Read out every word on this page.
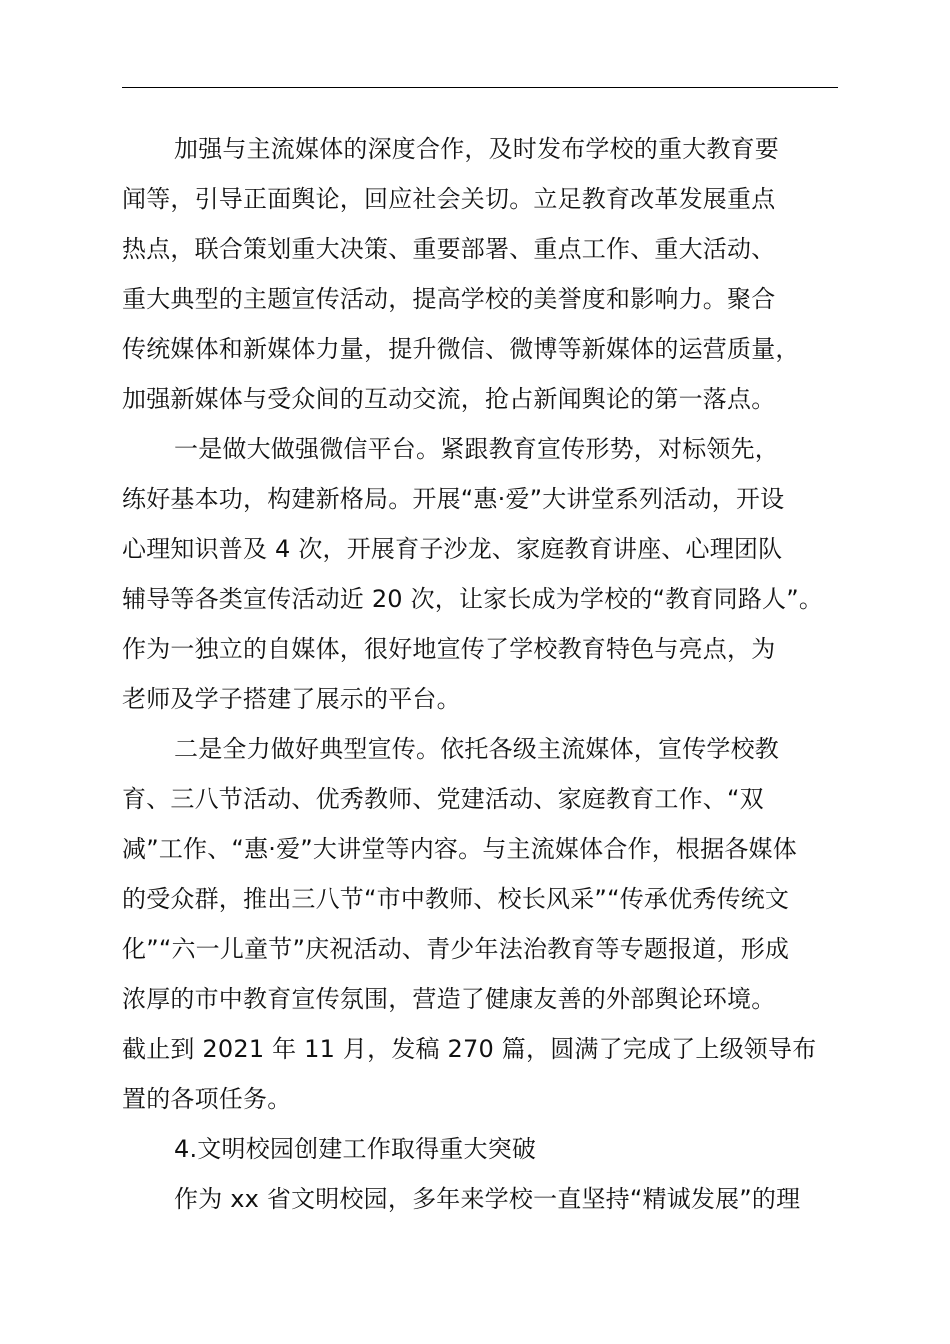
加强与主流媒体的深度合作，及时发布学校的重大教育要
闻等，引导正面舆论，回应社会关切。立足教育改革发展重点
热点，联合策划重大决策、重要部署、重点工作、重大活动、
重大典型的主题宣传活动，提高学校的美誉度和影响力。聚合
传统媒体和新媒体力量，提升微信、微博等新媒体的运营质量，
加强新媒体与受众间的互动交流，抢占新闻舆论的第一落点。
一是做大做强微信平台。紧跟教育宣传形势，对标领先，
练好基本功，构建新格局。开展“惠·爱”大讲堂系列活动，开设
心理知识普及 4 次，开展育子沙龙、家庭教育讲座、心理团队
辅导等各类宣传活动近 20 次，让家长成为学校的“教育同路人”。
作为一独立的自媒体，很好地宣传了学校教育特色与亮点，为
老师及学子搭建了展示的平台。
二是全力做好典型宣传。依托各级主流媒体，宣传学校教
育、三八节活动、优秀教师、党建活动、家庭教育工作、“双
减”工作、“惠·爱”大讲堂等内容。与主流媒体合作，根据各媒体
的受众群，推出三八节“市中教师、校长风采”“传承优秀传统文
化”“六一儿童节”庆祝活动、青少年法治教育等专题报道，形成
浓厚的市中教育宣传氛围，营造了健康友善的外部舆论环境。
截止到 2021 年 11 月，发稿 270 篇，圆满了完成了上级领导布
置的各项任务。
4.文明校园创建工作取得重大突破
作为 xx 省文明校园，多年来学校一直坚持“精诚发展”的理
